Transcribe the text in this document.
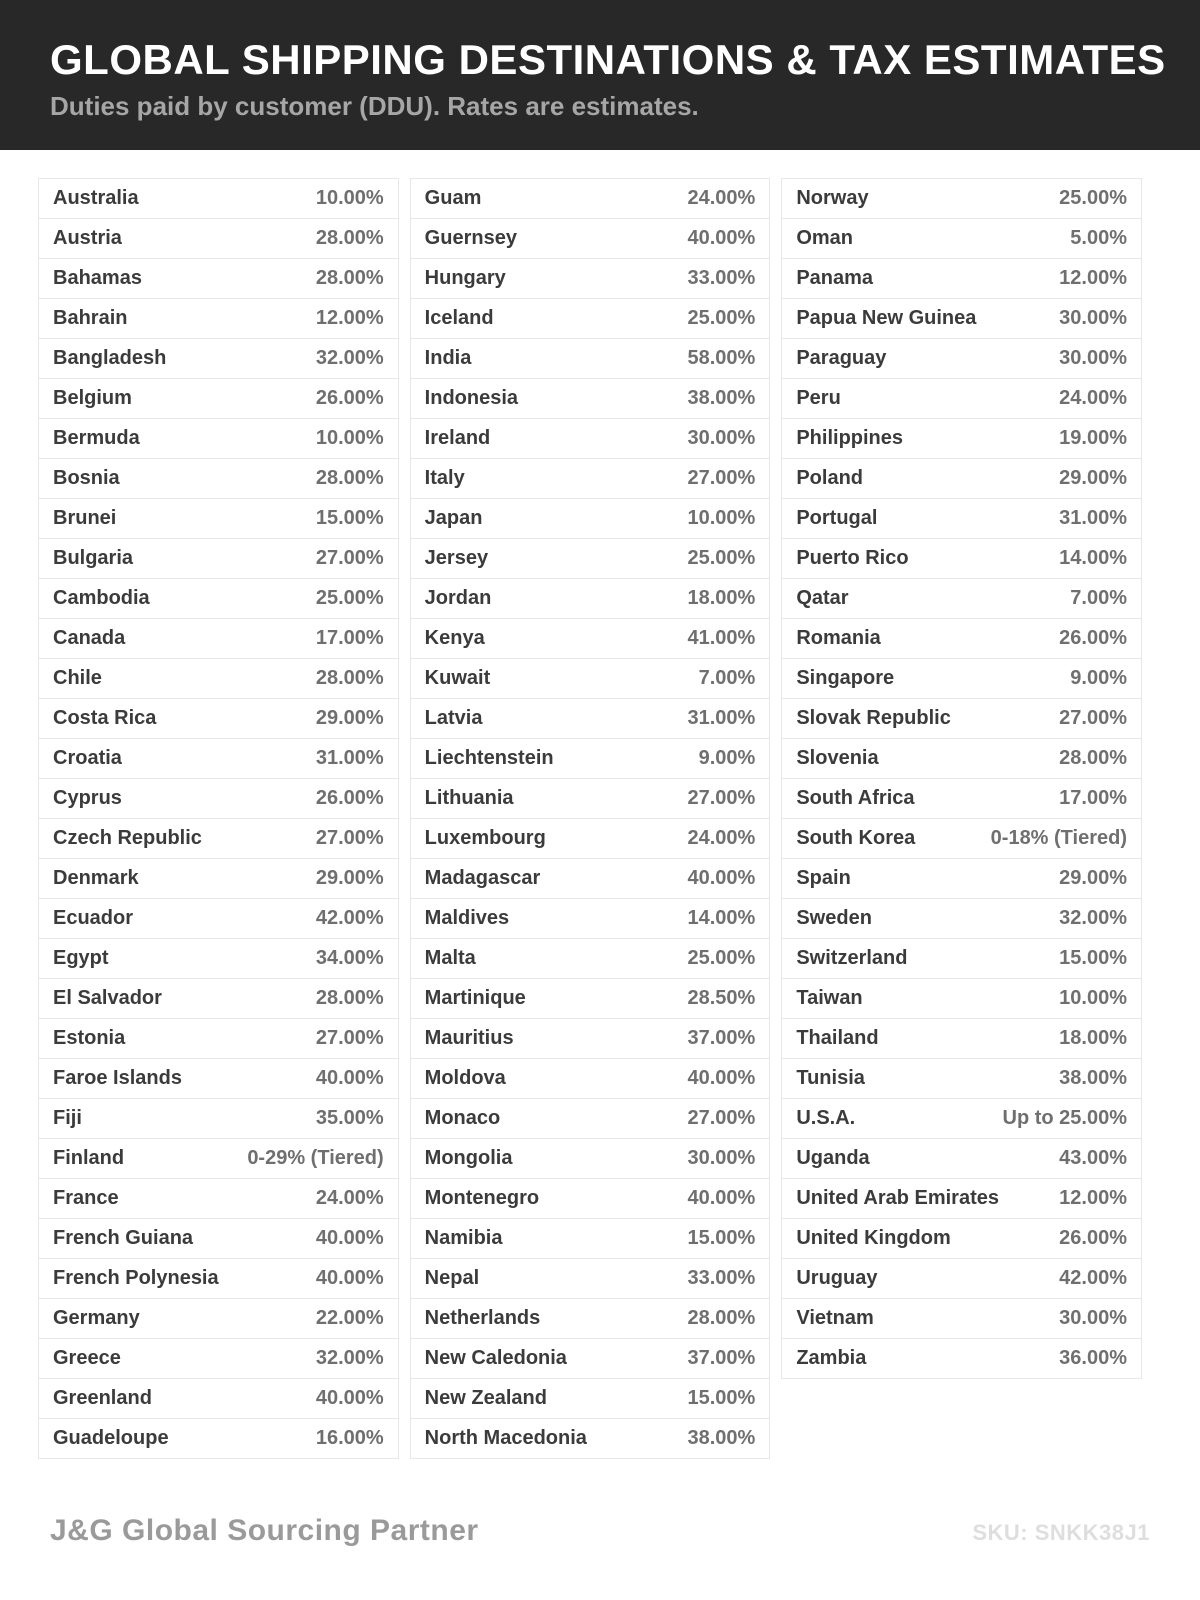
GLOBAL SHIPPING DESTINATIONS & TAX ESTIMATES

Duties paid by customer (DDU). Rates are estimates.

Australia	10.00%
Austria	28.00%
Bahamas	28.00%
Bahrain	12.00%
Bangladesh	32.00%
Belgium	26.00%
Bermuda	10.00%
Bosnia	28.00%
Brunei	15.00%
Bulgaria	27.00%
Cambodia	25.00%
Canada	17.00%
Chile	28.00%
Costa Rica	29.00%
Croatia	31.00%
Cyprus	26.00%
Czech Republic	27.00%
Denmark	29.00%
Ecuador	42.00%
Egypt	34.00%
El Salvador	28.00%
Estonia	27.00%
Faroe Islands	40.00%
Fiji	35.00%
Finland	0-29% (Tiered)
France	24.00%
French Guiana	40.00%
French Polynesia	40.00%
Germany	22.00%
Greece	32.00%
Greenland	40.00%
Guadeloupe	16.00%
Guam	24.00%
Guernsey	40.00%
Hungary	33.00%
Iceland	25.00%
India	58.00%
Indonesia	38.00%
Ireland	30.00%
Italy	27.00%
Japan	10.00%
Jersey	25.00%
Jordan	18.00%
Kenya	41.00%
Kuwait	7.00%
Latvia	31.00%
Liechtenstein	9.00%
Lithuania	27.00%
Luxembourg	24.00%
Madagascar	40.00%
Maldives	14.00%
Malta	25.00%
Martinique	28.50%
Mauritius	37.00%
Moldova	40.00%
Monaco	27.00%
Mongolia	30.00%
Montenegro	40.00%
Namibia	15.00%
Nepal	33.00%
Netherlands	28.00%
New Caledonia	37.00%
New Zealand	15.00%
North Macedonia	38.00%
Norway	25.00%
Oman	5.00%
Panama	12.00%
Papua New Guinea	30.00%
Paraguay	30.00%
Peru	24.00%
Philippines	19.00%
Poland	29.00%
Portugal	31.00%
Puerto Rico	14.00%
Qatar	7.00%
Romania	26.00%
Singapore	9.00%
Slovak Republic	27.00%
Slovenia	28.00%
South Africa	17.00%
South Korea	0-18% (Tiered)
Spain	29.00%
Sweden	32.00%
Switzerland	15.00%
Taiwan	10.00%
Thailand	18.00%
Tunisia	38.00%
U.S.A.	Up to 25.00%
Uganda	43.00%
United Arab Emirates	12.00%
United Kingdom	26.00%
Uruguay	42.00%
Vietnam	30.00%
Zambia	36.00%
J&G Global Sourcing Partner	SKU: SNKK38J1
